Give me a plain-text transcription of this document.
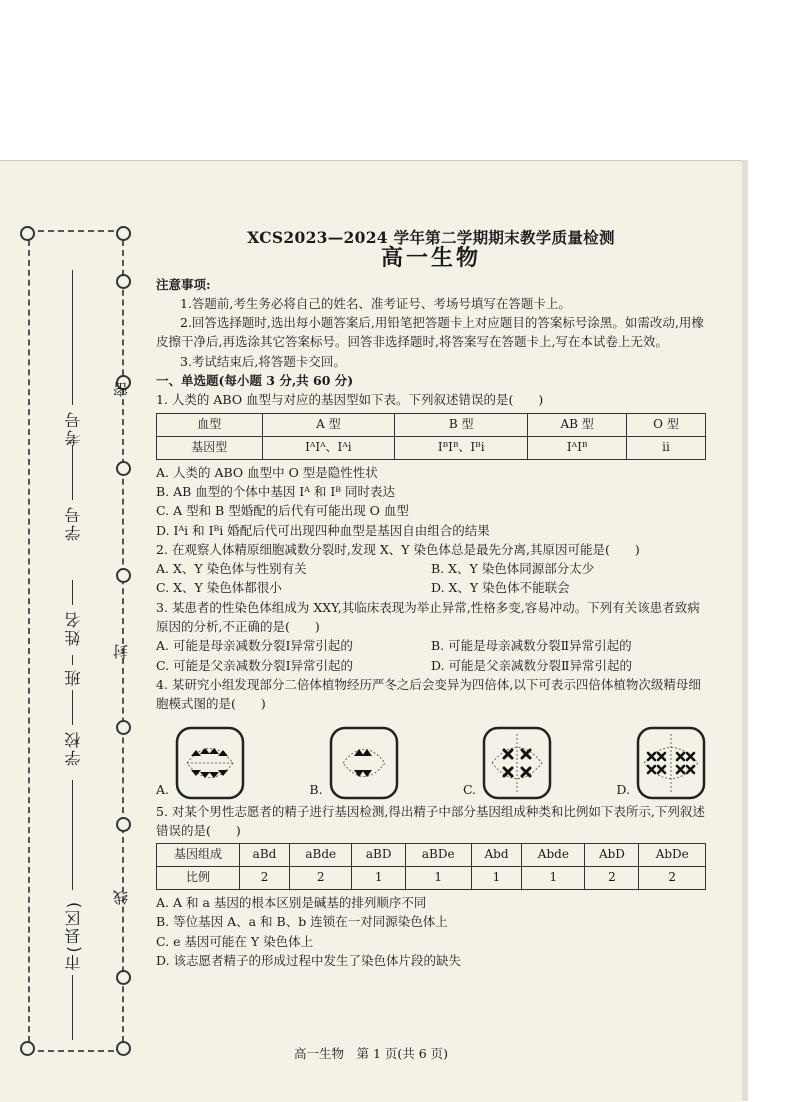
市(县区)
学校
班
姓名
学号
考号
密
封
线
XCS2023—2024 学年第二学期期末教学质量检测
高一生物
注意事项:
1.答题前,考生务必将自己的姓名、准考证号、考场号填写在答题卡上。
2.回答选择题时,选出每小题答案后,用铅笔把答题卡上对应题目的答案标号涂黑。如需改动,用橡皮擦干净后,再选涂其它答案标号。回答非选择题时,将答案写在答题卡上,写在本试卷上无效。
3.考试结束后,将答题卡交回。
一、单选题(每小题 3 分,共 60 分)
1. 人类的 ABO 血型与对应的基因型如下表。下列叙述错误的是(　　)
血型	A 型	B 型	AB 型	O 型
基因型	IᴬIᴬ、Iᴬi	IᴮIᴮ、Iᴮi	IᴬIᴮ	ii
A. 人类的 ABO 血型中 O 型是隐性性状
B. AB 血型的个体中基因 Iᴬ 和 Iᴮ 同时表达
C. A 型和 B 型婚配的后代有可能出现 O 血型
D. Iᴬi 和 Iᴮi 婚配后代可出现四种血型是基因自由组合的结果
2. 在观察人体精原细胞减数分裂时,发现 X、Y 染色体总是最先分离,其原因可能是(　　)
A. X、Y 染色体与性别有关	B. X、Y 染色体同源部分太少
C. X、Y 染色体都很小	D. X、Y 染色体不能联会
3. 某患者的性染色体组成为 XXY,其临床表现为举止异常,性格多变,容易冲动。下列有关该患者致病原因的分析,不正确的是(　　)
A. 可能是母亲减数分裂Ⅰ异常引起的	B. 可能是母亲减数分裂Ⅱ异常引起的
C. 可能是父亲减数分裂Ⅰ异常引起的	D. 可能是父亲减数分裂Ⅱ异常引起的
4. 某研究小组发现部分二倍体植物经历严冬之后会变异为四倍体,以下可表示四倍体植物次级精母细胞模式图的是(　　)
A.	B.	C.	D.
5. 对某个男性志愿者的精子进行基因检测,得出精子中部分基因组成种类和比例如下表所示,下列叙述错误的是(　　)
基因组成	aBd	aBde	aBD	aBDe	Abd	Abde	AbD	AbDe
比例	2	2	1	1	1	1	2	2
A. A 和 a 基因的根本区别是碱基的排列顺序不同
B. 等位基因 A、a 和 B、b 连锁在一对同源染色体上
C. e 基因可能在 Y 染色体上
D. 该志愿者精子的形成过程中发生了染色体片段的缺失
高一生物　第 1 页(共 6 页)
